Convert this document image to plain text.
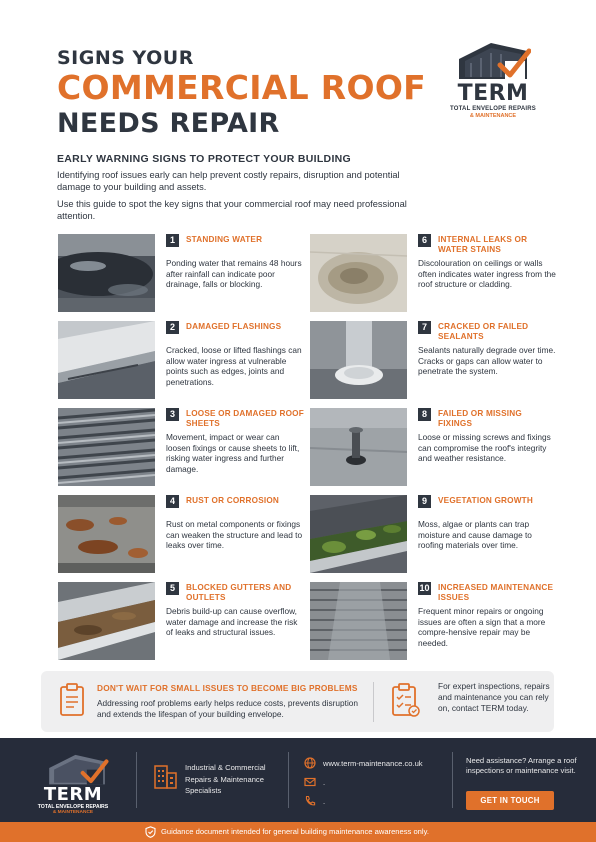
SIGNS YOUR
COMMERCIAL ROOF
NEEDS REPAIR
TERM
TOTAL ENVELOPE REPAIRS
& MAINTENANCE
EARLY WARNING SIGNS TO PROTECT YOUR BUILDING
Identifying roof issues early can help prevent costly repairs, disruption and potential damage to your building and assets.
Use this guide to spot the key signs that your commercial roof may need professional attention.
1	STANDING WATER
Ponding water that remains 48 hours after rainfall can indicate poor drainage, falls or blocking.
2	DAMAGED FLASHINGS
Cracked, loose or lifted flashings can allow water ingress at vulnerable points such as edges, joints and penetrations.
3	LOOSE OR DAMAGED ROOF SHEETS
Movement, impact or wear can loosen fixings or cause sheets to lift, risking water ingress and further damage.
4	RUST OR CORROSION
Rust on metal components or fixings can weaken the structure and lead to leaks over time.
5	BLOCKED GUTTERS AND OUTLETS
Debris build-up can cause overflow, water damage and increase the risk of leaks and structural issues.
6	INTERNAL LEAKS OR WATER STAINS
Discolouration on ceilings or walls often indicates water ingress from the roof structure or cladding.
7	CRACKED OR FAILED SEALANTS
Sealants naturally degrade over time. Cracks or gaps can allow water to penetrate the system.
8	FAILED OR MISSING FIXINGS
Loose or missing screws and fixings can compromise the roof's integrity and weather resistance.
9	VEGETATION GROWTH
Moss, algae or plants can trap moisture and cause damage to roofing materials over time.
10 INCREASED MAINTENANCE ISSUES
Frequent minor repairs or ongoing issues are often a sign that a more compre-hensive repair may be needed.
DON'T WAIT FOR SMALL ISSUES TO BECOME BIG PROBLEMS
Addressing roof problems early helps reduce costs, prevents disruption and extends the lifespan of your building envelope.
For expert inspections, repairs and maintenance you can rely on, contact TERM today.
TERM
TOTAL ENVELOPE REPAIRS
& MAINTENANCE
Industrial & Commercial Repairs & Maintenance Specialists
www.term-maintenance.co.uk
.
.
Need assistance? Arrange a roof inspections or maintenance visit.
GET IN TOUCH
Guidance document intended for general building maintenance awareness only.
